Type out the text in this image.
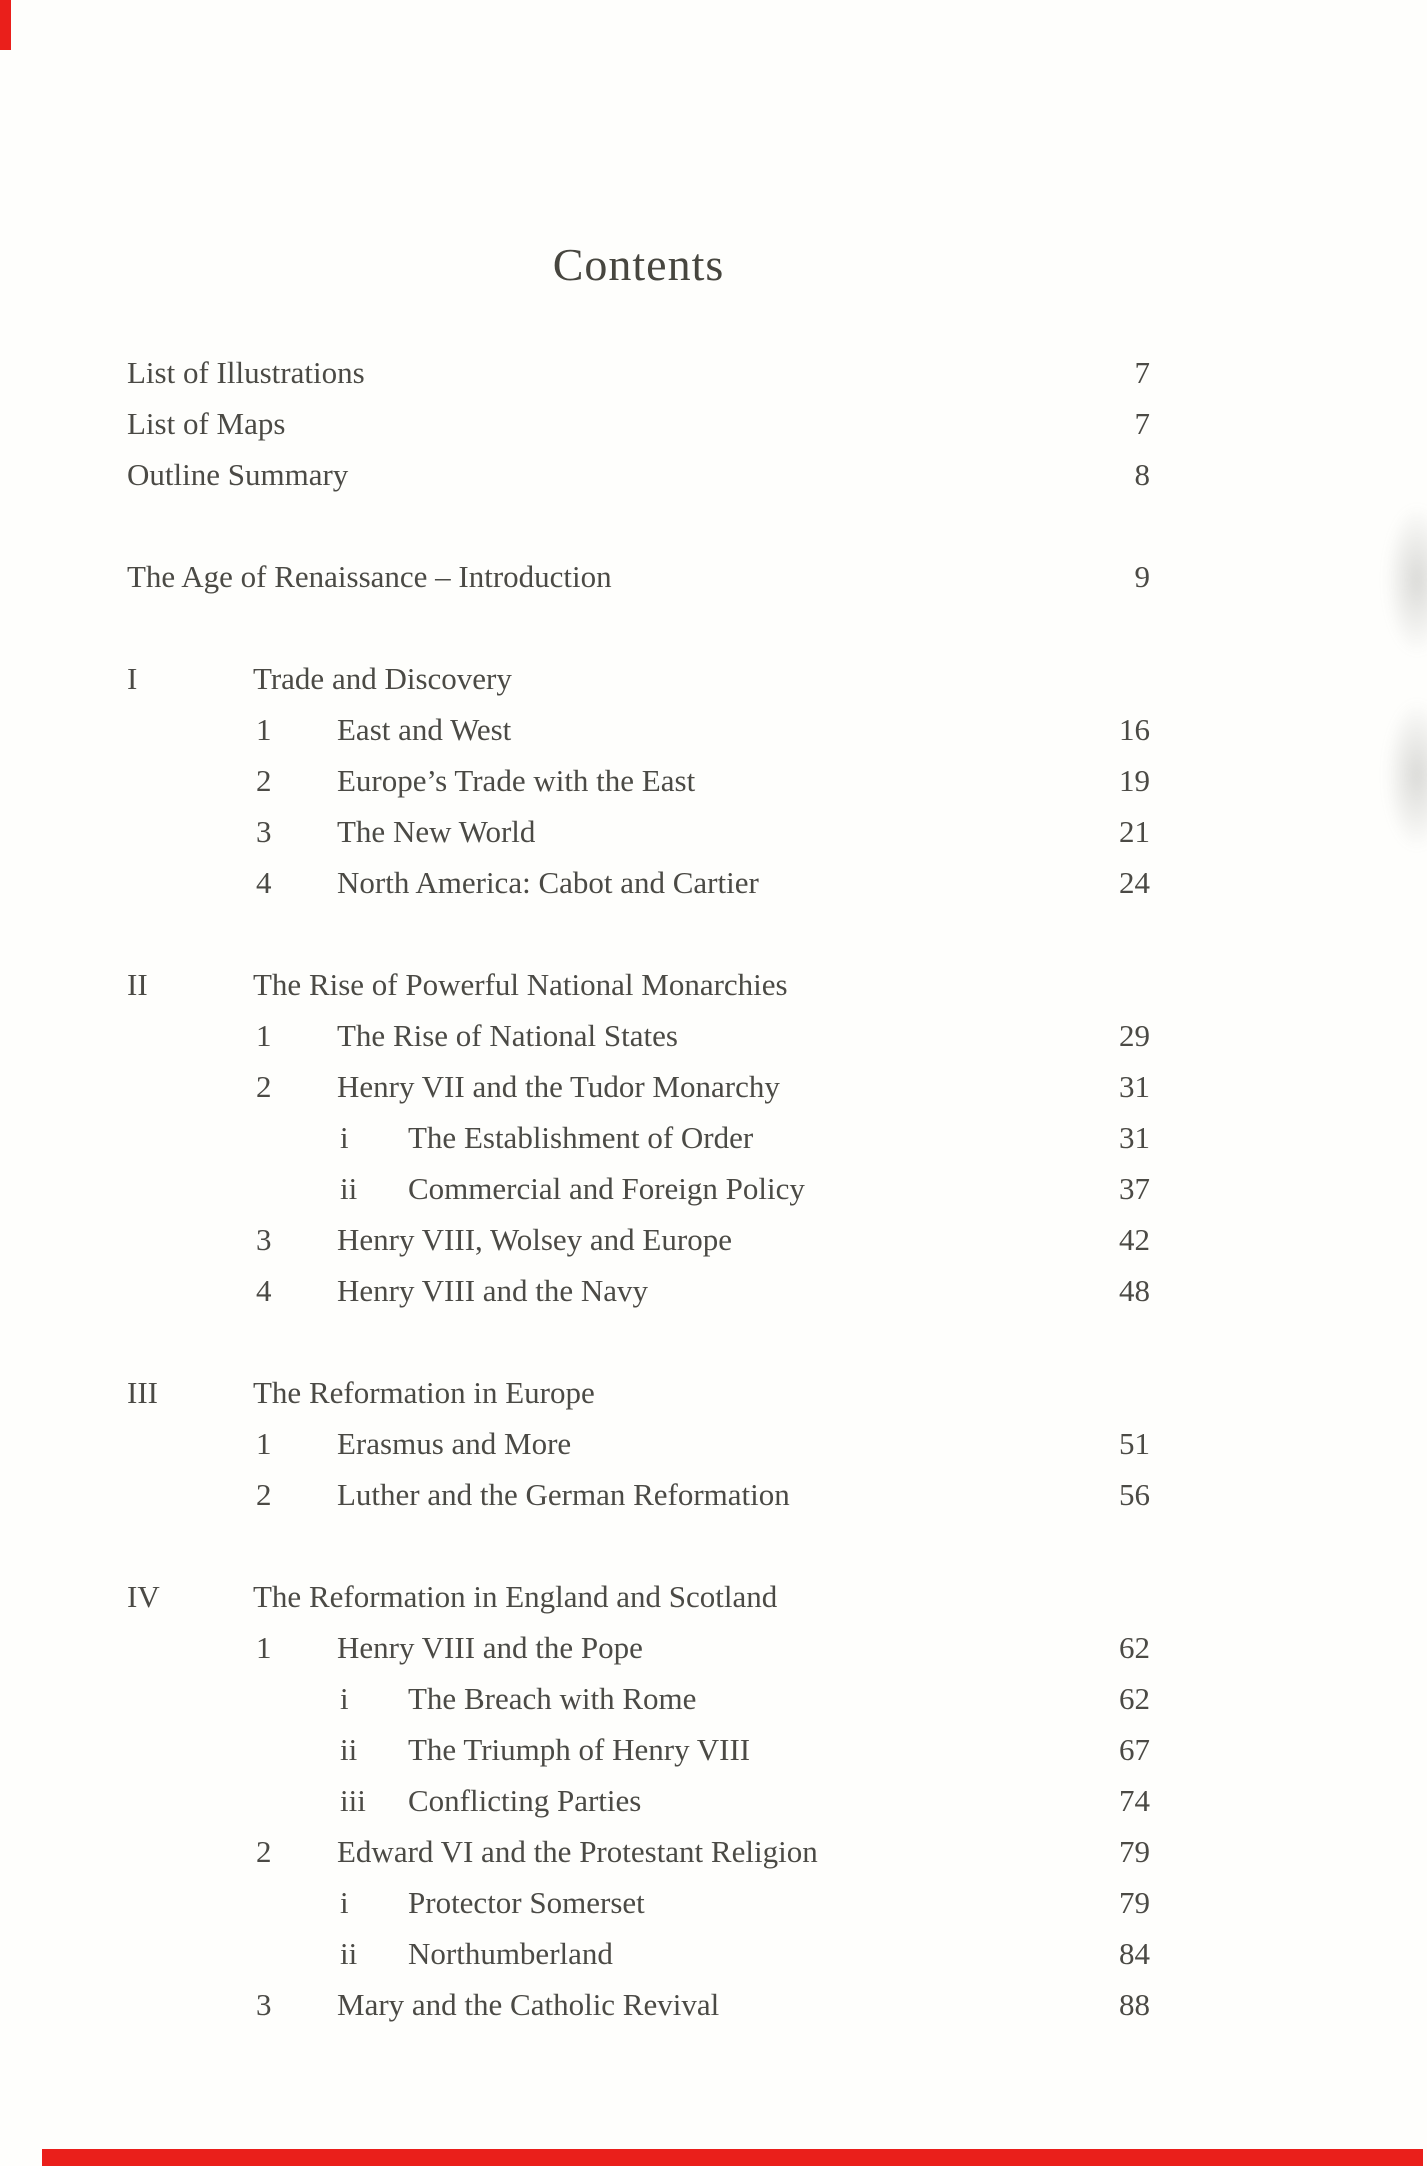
Contents
List of Illustrations	7
List of Maps	7
Outline Summary	8
The Age of Renaissance – Introduction	9
I	Trade and Discovery
1	East and West	16
2	Europe’s Trade with the East	19
3	The New World	21
4	North America: Cabot and Cartier	24
II	The Rise of Powerful National Monarchies
1	The Rise of National States	29
2	Henry VII and the Tudor Monarchy	31
i	The Establishment of Order	31
ii	Commercial and Foreign Policy	37
3	Henry VIII, Wolsey and Europe	42
4	Henry VIII and the Navy	48
III	The Reformation in Europe
1	Erasmus and More	51
2	Luther and the German Reformation	56
IV	The Reformation in England and Scotland
1	Henry VIII and the Pope	62
i	The Breach with Rome	62
ii	The Triumph of Henry VIII	67
iii	Conflicting Parties	74
2	Edward VI and the Protestant Religion	79
i	Protector Somerset	79
ii	Northumberland	84
3	Mary and the Catholic Revival	88
